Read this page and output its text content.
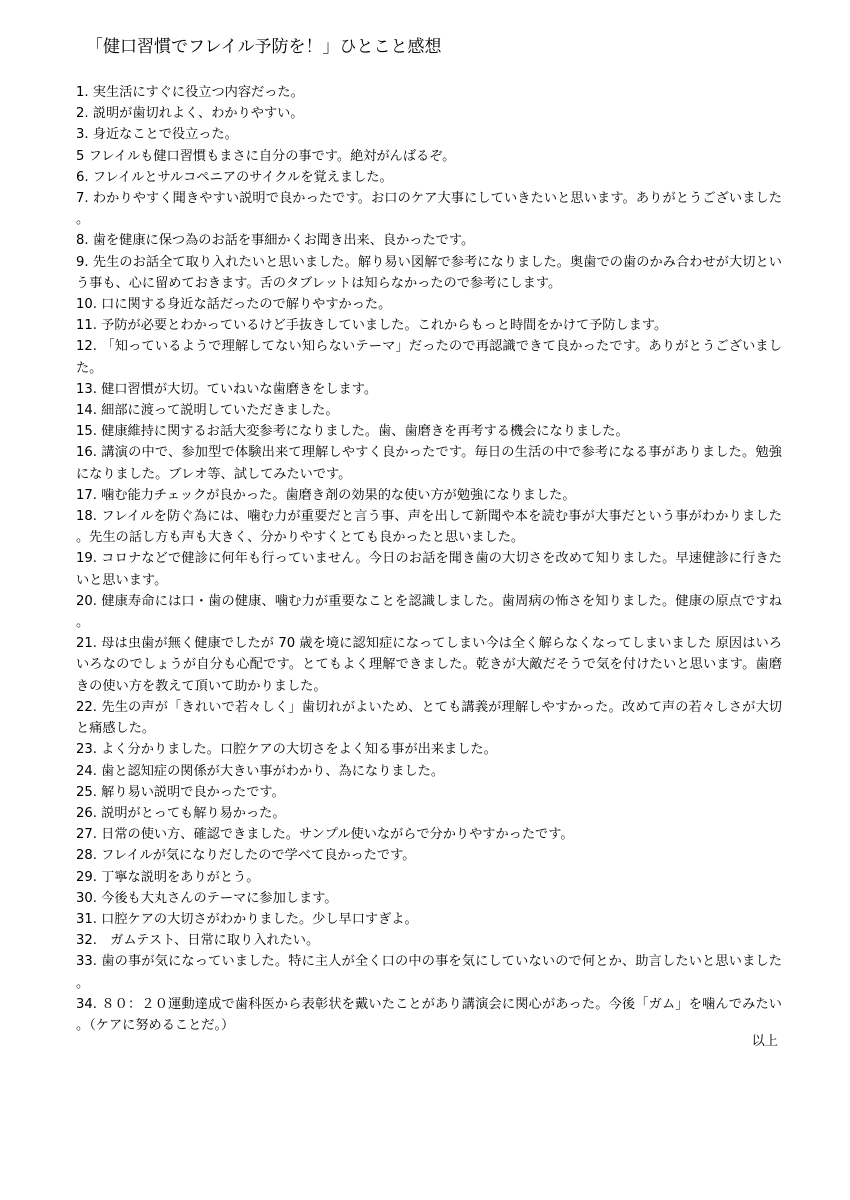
「健口習慣でフレイル予防を！」ひとこと感想
1. 実生活にすぐに役立つ内容だった。
2. 説明が歯切れよく、わかりやすい。
3. 身近なことで役立った。
5 フレイルも健口習慣もまさに自分の事です。絶対がんばるぞ。
6. フレイルとサルコペニアのサイクルを覚えました。
7. わかりやすく聞きやすい説明で良かったです。お口のケア大事にしていきたいと思います。ありがとうございました。
8. 歯を健康に保つ為のお話を事細かくお聞き出来、良かったです。
9. 先生のお話全て取り入れたいと思いました。解り易い図解で参考になりました。奥歯での歯のかみ合わせが大切という事も、心に留めておきます。舌のタブレットは知らなかったので参考にします。
10. 口に関する身近な話だったので解りやすかった。
11. 予防が必要とわかっているけど手抜きしていました。これからもっと時間をかけて予防します。
12. 「知っているようで理解してない知らないテーマ」だったので再認識できて良かったです。ありがとうございました。
13. 健口習慣が大切。ていねいな歯磨きをします。
14. 細部に渡って説明していただきました。
15. 健康維持に関するお話大変参考になりました。歯、歯磨きを再考する機会になりました。
16. 講演の中で、参加型で体験出来て理解しやすく良かったです。毎日の生活の中で参考になる事がありました。勉強になりました。ブレオ等、試してみたいです。
17. 噛む能力チェックが良かった。歯磨き剤の効果的な使い方が勉強になりました。
18. フレイルを防ぐ為には、噛む力が重要だと言う事、声を出して新聞や本を読む事が大事だという事がわかりました。先生の話し方も声も大きく、分かりやすくとても良かったと思いました。
19. コロナなどで健診に何年も行っていません。今日のお話を聞き歯の大切さを改めて知りました。早速健診に行きたいと思います。
20. 健康寿命には口・歯の健康、噛む力が重要なことを認識しました。歯周病の怖さを知りました。健康の原点ですね。
21. 母は虫歯が無く健康でしたが 70 歳を境に認知症になってしまい今は全く解らなくなってしまいました 原因はいろいろなのでしょうが自分も心配です。とてもよく理解できました。乾きが大敵だそうで気を付けたいと思います。歯磨きの使い方を教えて頂いて助かりました。
22. 先生の声が「きれいで若々しく」歯切れがよいため、とても講義が理解しやすかった。改めて声の若々しさが大切と痛感した。
23. よく分かりました。口腔ケアの大切さをよく知る事が出来ました。
24. 歯と認知症の関係が大きい事がわかり、為になりました。
25. 解り易い説明で良かったです。
26. 説明がとっても解り易かった。
27. 日常の使い方、確認できました。サンプル使いながらで分かりやすかったです。
28. フレイルが気になりだしたので学べて良かったです。
29. 丁寧な説明をありがとう。
30. 今後も大丸さんのテーマに参加します。
31. 口腔ケアの大切さがわかりました。少し早口すぎよ。
32.　ガムテスト、日常に取り入れたい。
33. 歯の事が気になっていました。特に主人が全く口の中の事を気にしていないので何とか、助言したいと思いました。
34. ８０：２０運動達成で歯科医から表彰状を戴いたことがあり講演会に関心があった。今後「ガム」を噛んでみたい。（ケアに努めることだ。）
以上
